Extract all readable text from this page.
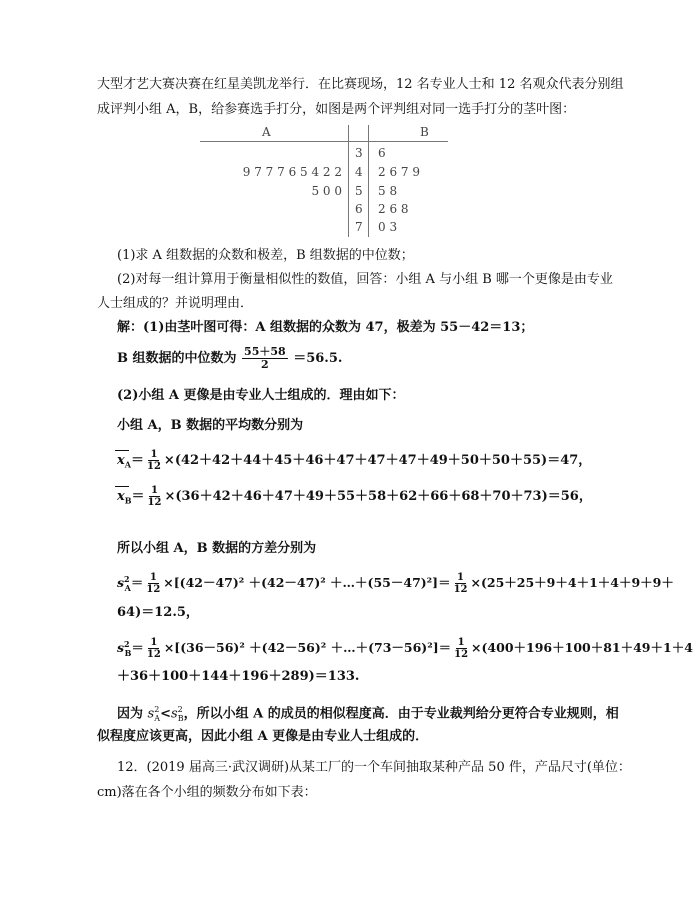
大型才艺大赛决赛在红星美凯龙举行．在比赛现场，12 名专业人士和 12 名观众代表分别组
成评判小组 A，B，给参赛选手打分，如图是两个评判组对同一选手打分的茎叶图：
A	B
3 6
9 7 7 7 6 5 4 2 2 4 2 6 7 9
5 0 0 5 5 8
6 2 6 8
7 0 3
(1)求 A 组数据的众数和极差，B 组数据的中位数；
(2)对每一组计算用于衡量相似性的数值，回答：小组 A 与小组 B 哪一个更像是由专业
人士组成的？并说明理由．
解：(1)由茎叶图可得：A 组数据的众数为 47，极差为 55－42＝13；
B 组数据的中位数为 $\frac{55+58}{2} =56.5$.
(2)小组 A 更像是由专业人士组成的．理由如下：
小组 A，B 数据的平均数分别为
$x_A= \frac{1}{12} \times(42+42+44+45+46+47+47+47+49+50+50+55)=47$，
$x_B= \frac{1}{12} \times(36+42+46+47+49+55+58+62+66+68+70+73)=56$，
所以小组 A，B 数据的方差分别为
$s^2_A= \frac{1}{12} \times[(42-47)^2 +(42-47)^2$ ＋…＋(55－47)²]＝ $\frac{1}{12} \times(25+25+9+4+1+4+9+9+$
64)＝12.5，
$s^2_B= \frac{1}{12} \times[(36-56)^2 +(42-56)^2$ ＋…＋(73－56)²]＝ $\frac{1}{12} \times(400+196+100+81+49+1+4$
＋36＋100＋144＋196＋289)＝133.
因为 $s^2_A<s^2_B$，所以小组 A 的成员的相似程度高．由于专业裁判给分更符合专业规则，相
似程度应该更高，因此小组 A 更像是由专业人士组成的．
12．(2019 届高三·武汉调研)从某工厂的一个车间抽取某种产品 50 件，产品尺寸(单位：
cm)落在各个小组的频数分布如下表：
